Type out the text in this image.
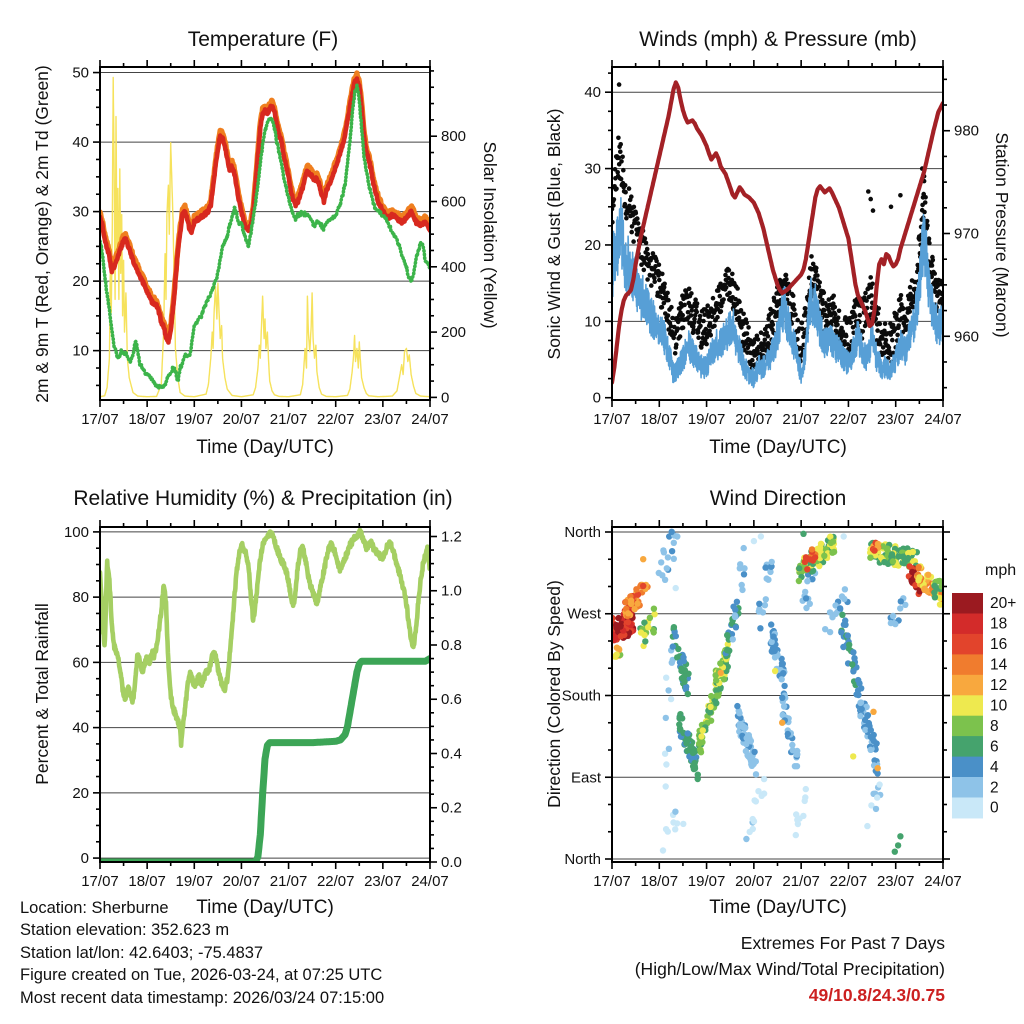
17/07 18/07 19/07 20/07 21/07 22/07 23/07 24/07
10
20
30
40
50
0
200
400
600
800
17/07 18/07 19/07 20/07 21/07 22/07 23/07 24/07
0
10
20
30
40
960
970
980
17/07 18/07 19/07 20/07 21/07 22/07 23/07 24/07
0
20
40
60
80
100
0.0
0.2
0.4
0.6
0.8
1.0
1.2
17/07 18/07 19/07 20/07 21/07 22/07 23/07 24/07
North
East
South
West
North
20+
18
16
14
12
10
8
6
4
2
0
Temperature (F)	Winds (mph) & Pressure (mb)
Relative Humidity (%) & Precipitation (in)	Wind Direction
Time (Day/UTC)	Time (Day/UTC)
Time (Day/UTC)	Time (Day/UTC)
2m & 9m T (Red, Orange) & 2m Td (Green)	Solar Insolation (Yellow)	Sonic Wind & Gust (Blue, Black)	Station Pressure (Maroon)
Percent & Total Rainfall	Direction (Colored By Speed)
mph
Location: Sherburne
Station elevation: 352.623 m
Station lat/lon: 42.6403; -75.4837
Figure created on Tue, 2026-03-24, at 07:25 UTC
Most recent data timestamp: 2026/03/24 07:15:00
Extremes For Past 7 Days
(High/Low/Max Wind/Total Precipitation)
49/10.8/24.3/0.75
